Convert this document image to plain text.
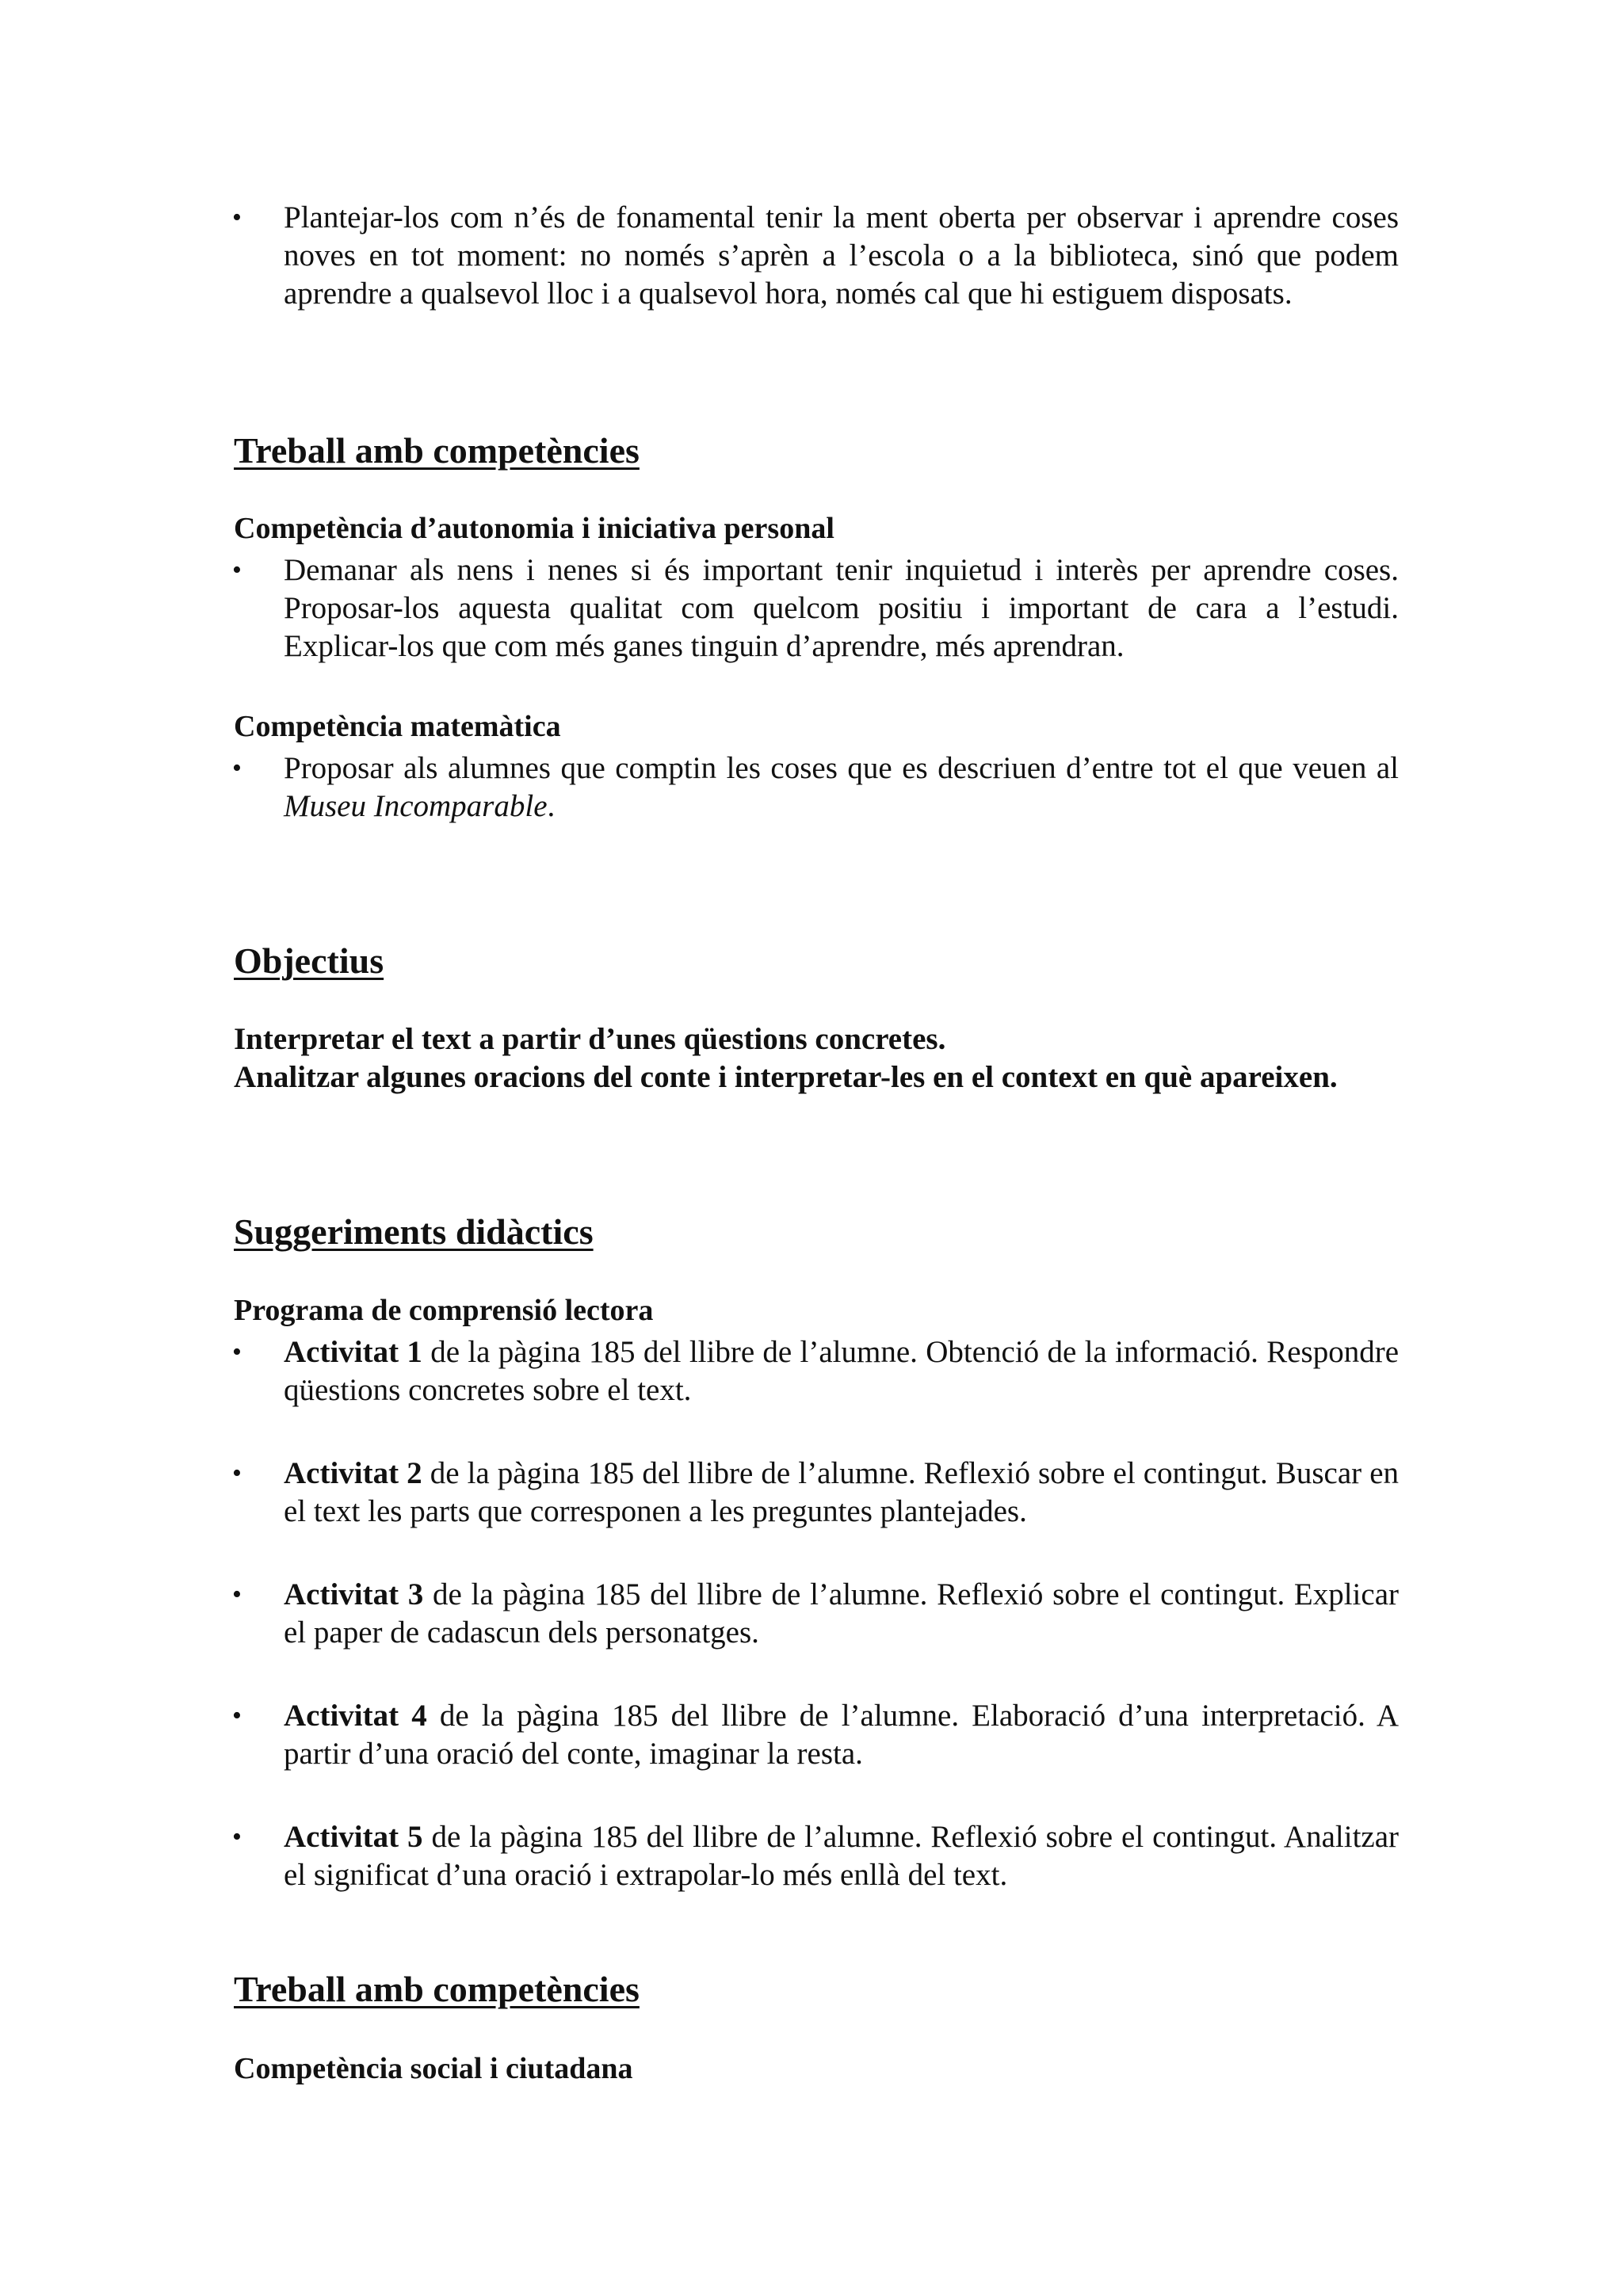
• Plantejar-los com n’és de fonamental tenir la ment oberta per observar i aprendre coses noves en tot moment: no només s’aprèn a l’escola o a la biblioteca, sinó que podem aprendre a qualsevol lloc i a qualsevol hora, només cal que hi estiguem disposats.
Treball amb competències
Competència d’autonomia i iniciativa personal
• Demanar als nens i nenes si és important tenir inquietud i interès per aprendre coses. Proposar-los aquesta qualitat com quelcom positiu i important de cara a l’estudi. Explicar-los que com més ganes tinguin d’aprendre, més aprendran.
Competència matemàtica
• Proposar als alumnes que comptin les coses que es descriuen d’entre tot el que veuen al Museu Incomparable.
Objectius
Interpretar el text a partir d’unes qüestions concretes.
Analitzar algunes oracions del conte i interpretar-les en el context en què apareixen.
Suggeriments didàctics
Programa de comprensió lectora
• Activitat 1 de la pàgina 185 del llibre de l’alumne. Obtenció de la informació. Respondre qüestions concretes sobre el text.
• Activitat 2 de la pàgina 185 del llibre de l’alumne. Reflexió sobre el contingut. Buscar en el text les parts que corresponen a les preguntes plantejades.
• Activitat 3 de la pàgina 185 del llibre de l’alumne. Reflexió sobre el contingut. Explicar el paper de cadascun dels personatges.
• Activitat 4 de la pàgina 185 del llibre de l’alumne. Elaboració d’una interpretació. A partir d’una oració del conte, imaginar la resta.
• Activitat 5 de la pàgina 185 del llibre de l’alumne. Reflexió sobre el contingut. Analitzar el significat d’una oració i extrapolar-lo més enllà del text.
Treball amb competències
Competència social i ciutadana
